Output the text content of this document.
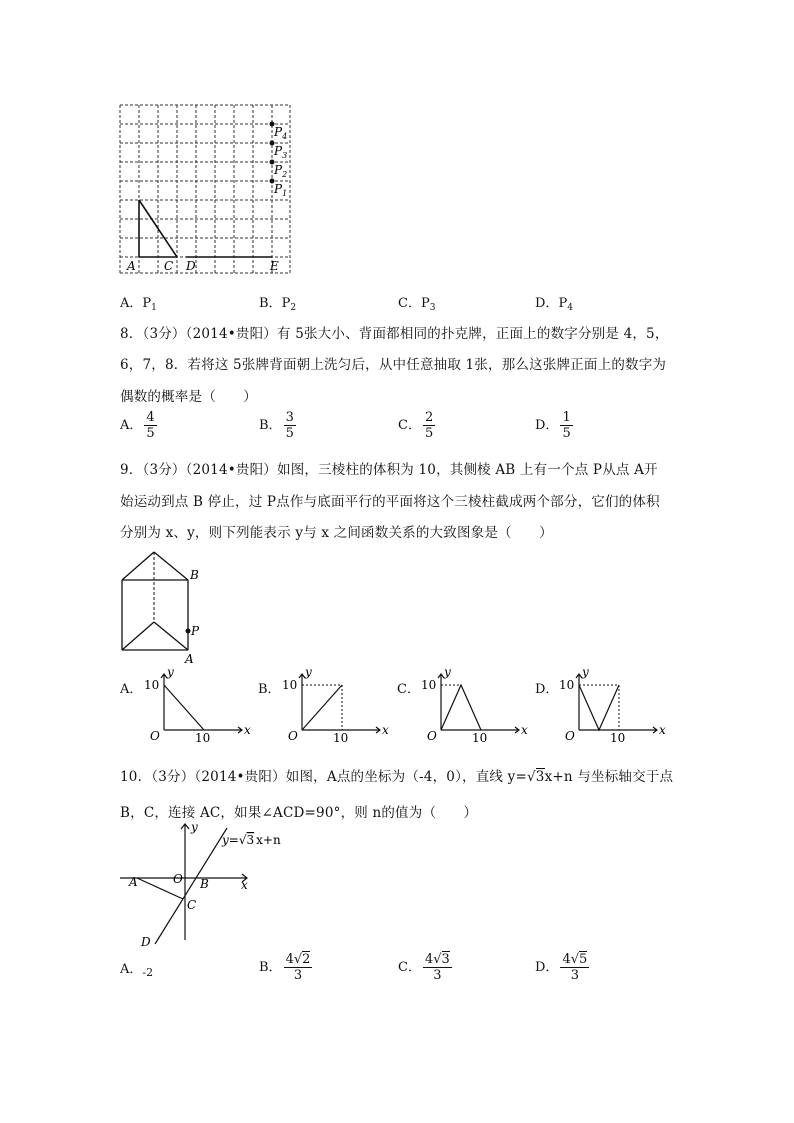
A C D	E
$P_4$
$P_3$
$P_2$
$P_1$
A．$P_1$	B．$P_2$	C．$P_3$	D．$P_4$
8．（3分）（2014•贵阳）有 5张大小、背面都相同的扑克牌，正面上的数字分别是 4，5，
6，7，8．若将这 5张牌背面朝上洗匀后，从中任意抽取 1张，那么这张牌正面上的数字为
偶数的概率是（　　）
A． $\frac{4}{5}$	B． $\frac{3}{5}$	C． $\frac{2}{5}$	D． $\frac{1}{5}$
9．（3分）（2014•贵阳）如图，三棱柱的体积为 10，其侧棱 AB 上有一个点 P从点 A开
始运动到点 B 停止，过 P点作与底面平行的平面将这个三棱柱截成两个部分，它们的体积
分别为 x、y，则下列能表示 y与 x 之间函数关系的大致图象是（　　）
B
P
A
A．
y
x
O
10
10
B．
y
x
O
10
10
C．
y
x
O
10
10
D．
y
x
O
10
10
10．（3分）（2014•贵阳）如图，A点的坐标为（-4，0），直线 y=√3x+n 与坐标轴交于点
B，C，连接 AC，如果∠ACD=90°，则 n的值为（　　）
y
x
O
A	B
C
D
y=√3 x+n
A．$_{-2}$	B． $\frac{4√2}{3}$	C． $\frac{4√3}{3}$	D． $\frac{4√5}{3}$
